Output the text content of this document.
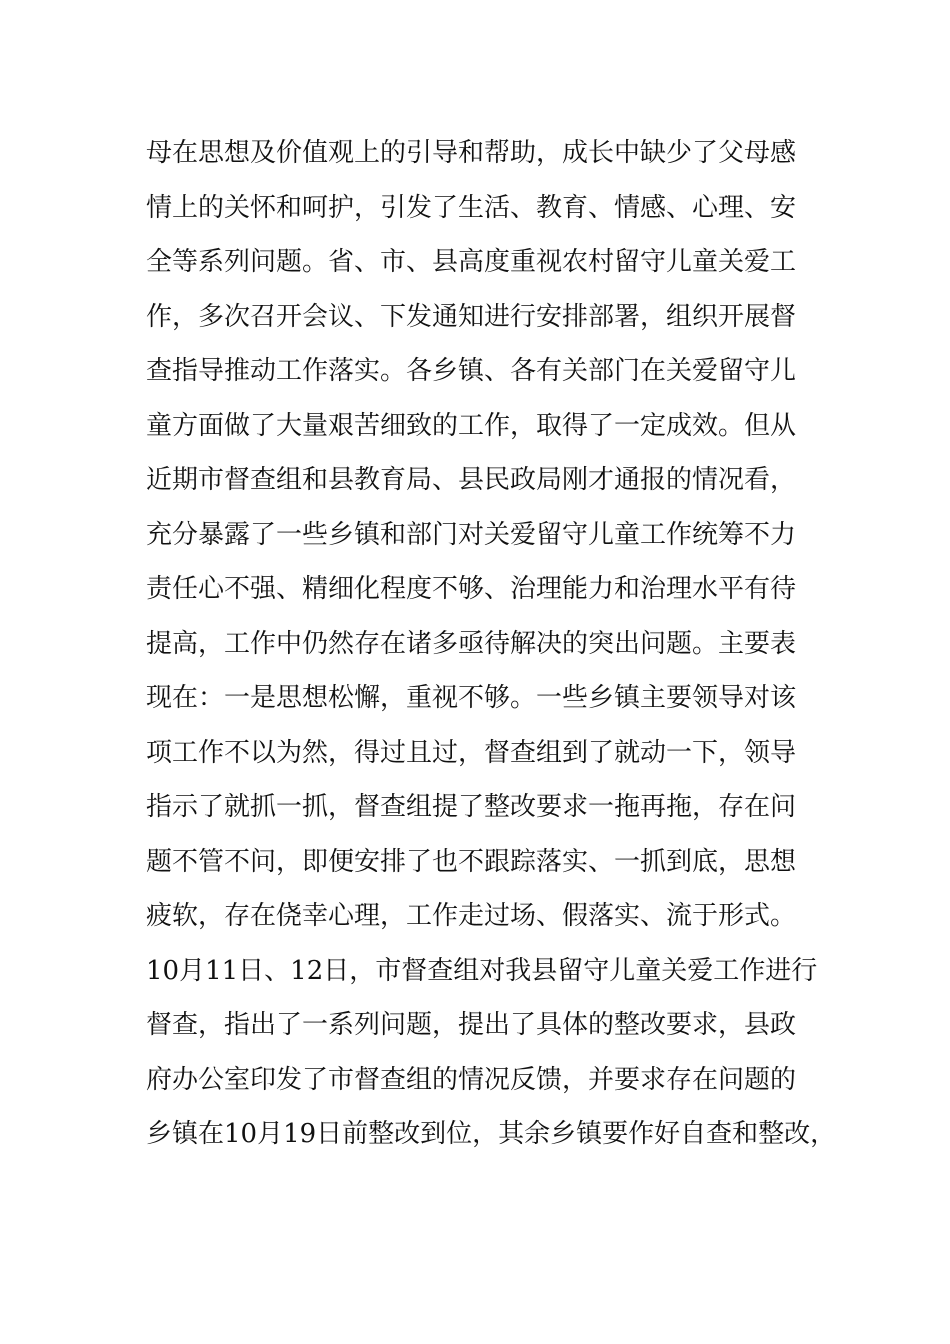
母在思想及价值观上的引导和帮助，成长中缺少了父母感
情上的关怀和呵护，引发了生活、教育、情感、心理、安
全等系列问题。省、市、县高度重视农村留守儿童关爱工
作，多次召开会议、下发通知进行安排部署，组织开展督
查指导推动工作落实。各乡镇、各有关部门在关爱留守儿
童方面做了大量艰苦细致的工作，取得了一定成效。但从
近期市督查组和县教育局、县民政局刚才通报的情况看，
充分暴露了一些乡镇和部门对关爱留守儿童工作统筹不力
责任心不强、精细化程度不够、治理能力和治理水平有待
提高，工作中仍然存在诸多亟待解决的突出问题。主要表
现在：一是思想松懈，重视不够。一些乡镇主要领导对该
项工作不以为然，得过且过，督查组到了就动一下，领导
指示了就抓一抓，督查组提了整改要求一拖再拖，存在问
题不管不问，即便安排了也不跟踪落实、一抓到底，思想
疲软，存在侥幸心理，工作走过场、假落实、流于形式。
10月11日、12日，市督查组对我县留守儿童关爱工作进行
督查，指出了一系列问题，提出了具体的整改要求，县政
府办公室印发了市督查组的情况反馈，并要求存在问题的
乡镇在10月19日前整改到位，其余乡镇要作好自查和整改，
